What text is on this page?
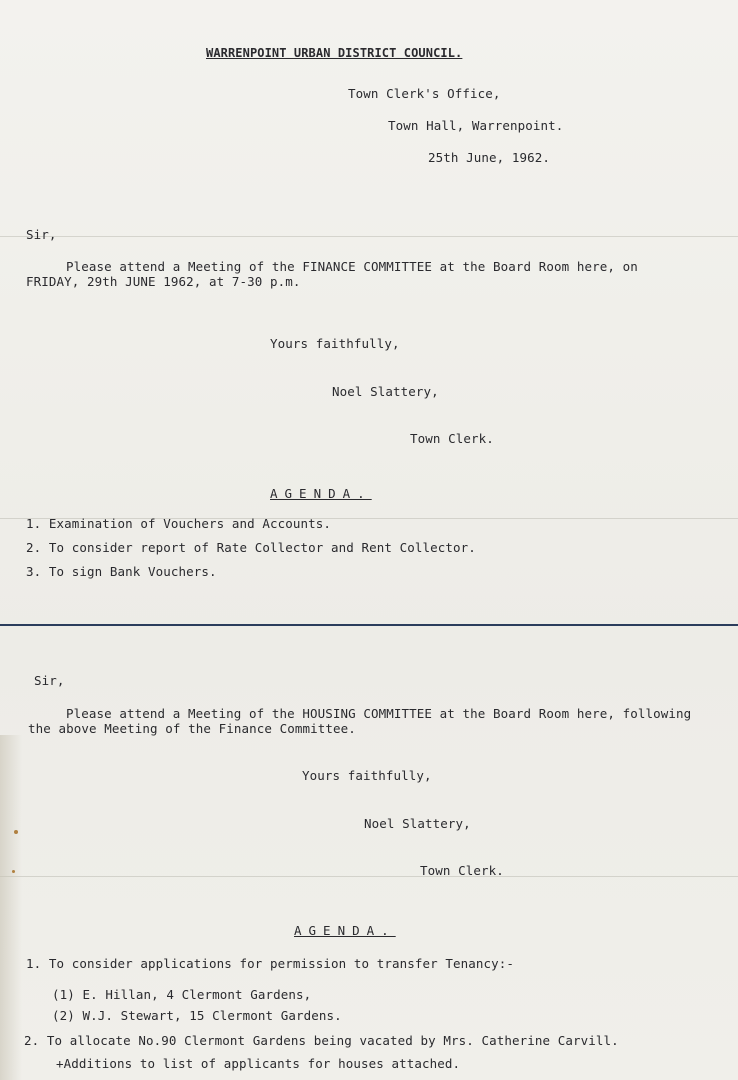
WARRENPOINT URBAN DISTRICT COUNCIL.
Town Clerk's Office,
Town Hall, Warrenpoint.
25th June, 1962.
Sir,
Please attend a Meeting of the FINANCE COMMITTEE at the Board Room here, on
FRIDAY, 29th JUNE 1962, at 7-30 p.m.
Yours faithfully,
Noel Slattery,
Town Clerk.
AGENDA.
1. Examination of Vouchers and Accounts.
2. To consider report of Rate Collector and Rent Collector.
3. To sign Bank Vouchers.
Sir,
Please attend a Meeting of the HOUSING COMMITTEE at the Board Room here, following
the above Meeting of the Finance Committee.
Yours faithfully,
Noel Slattery,
Town Clerk.
AGENDA.
1. To consider applications for permission to transfer Tenancy:-
(1) E. Hillan, 4 Clermont Gardens,
(2) W.J. Stewart, 15 Clermont Gardens.
2. To allocate No.90 Clermont Gardens being vacated by Mrs. Catherine Carvill.
+Additions to list of applicants for houses attached.
